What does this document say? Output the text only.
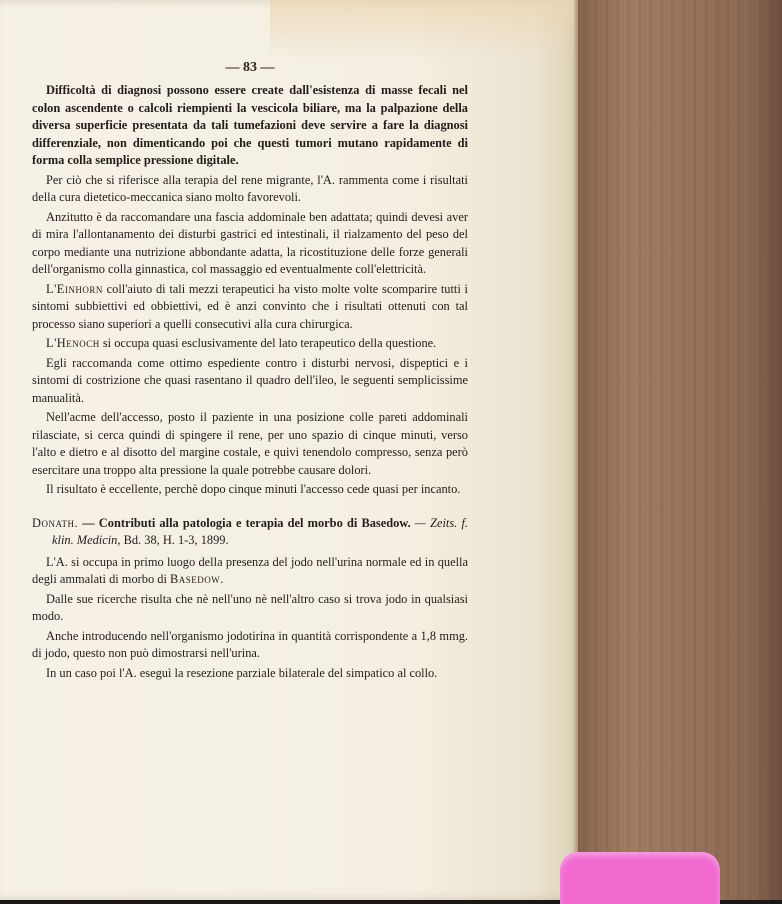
— 83 —

Difficoltà di diagnosi possono essere create dall'esistenza di masse fecali nel colon ascendente o calcoli riempienti la vescicola biliare, ma la palpazione della diversa superficie presentata da tali tumefazioni deve servire a fare la diagnosi differenziale, non dimenticando poi che questi tumori mutano rapidamente di forma colla semplice pressione digitale.

Per ciò che si riferisce alla terapia del rene migrante, l'A. rammenta come i risultati della cura dietetico-meccanica siano molto favorevoli.

Anzitutto è da raccomandare una fascia addominale ben adattata; quindi devesi aver di mira l'allontanamento dei disturbi gastrici ed intestinali, il rialzamento del peso del corpo mediante una nutrizione abbondante adatta, la ricostituzione delle forze generali dell'organismo colla ginnastica, col massaggio ed eventualmente coll'elettricità.

L'Einhorn coll'aiuto di tali mezzi terapeutici ha visto molte volte scomparire tutti i sintomi subbiettivi ed obbiettivi, ed è anzi convinto che i risultati ottenuti con tal processo siano superiori a quelli consecutivi alla cura chirurgica.

L'Henoch si occupa quasi esclusivamente del lato terapeutico della questione.

Egli raccomanda come ottimo espediente contro i disturbi nervosi, dispeptici e i sintomi di costrizione che quasi rasentano il quadro dell'ileo, le seguenti semplicissime manualità.

Nell'acme dell'accesso, posto il paziente in una posizione colle pareti addominali rilasciate, si cerca quindi di spingere il rene, per uno spazio di cinque minuti, verso l'alto e dietro e al disotto del margine costale, e quivi tenendolo compresso, senza però esercitare una troppo alta pressione la quale potrebbe causare dolori.

Il risultato è eccellente, perchè dopo cinque minuti l'accesso cede quasi per incanto.

Donath. — Contributi alla patologia e terapia del morbo di Basedow. — Zeits. f. klin. Medicin, Bd. 38, H. 1-3, 1899.

L'A. si occupa in primo luogo della presenza del jodo nell'urina normale ed in quella degli ammalati di morbo di Basedow.

Dalle sue ricerche risulta che nè nell'uno nè nell'altro caso si trova jodo in qualsiasi modo.

Anche introducendo nell'organismo jodotirina in quantità corrispondente a 1,8 mmg. di jodo, questo non può dimostrarsi nell'urina.

In un caso poi l'A. eseguì la resezione parziale bilaterale del simpatico al collo.
